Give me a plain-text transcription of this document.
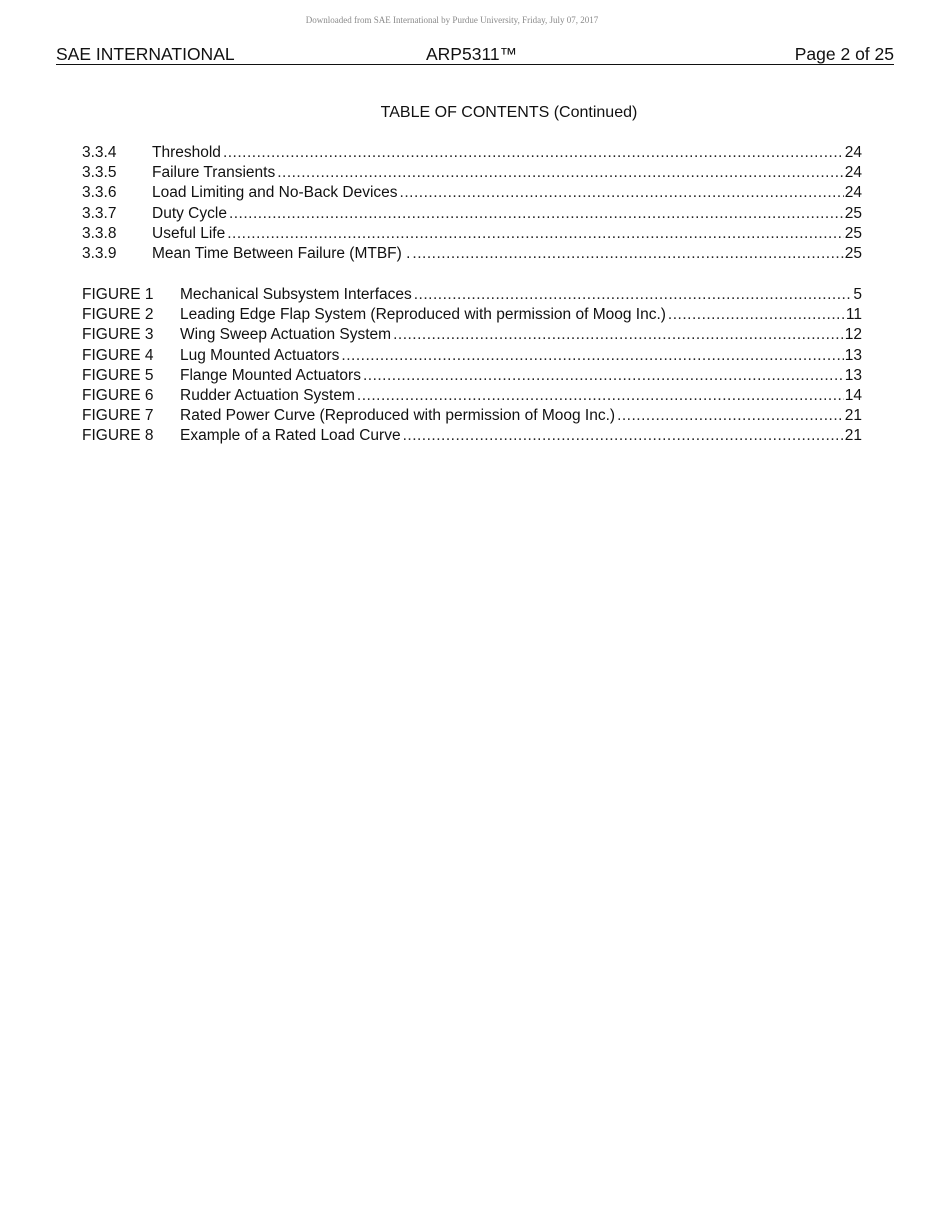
Downloaded from SAE International by Purdue University, Friday, July 07, 2017
SAE INTERNATIONAL	ARP5311™	Page 2 of 25
TABLE OF CONTENTS (Continued)
3.3.4	Threshold .....	24
3.3.5	Failure Transients .....	24
3.3.6	Load Limiting and No-Back Devices .....	24
3.3.7	Duty Cycle .....	25
3.3.8	Useful Life .....	25
3.3.9	Mean Time Between Failure (MTBF) . .....	25
FIGURE 1	Mechanical Subsystem Interfaces .....	5
FIGURE 2	Leading Edge Flap System (Reproduced with permission of Moog Inc.) .....	11
FIGURE 3	Wing Sweep Actuation System .....	12
FIGURE 4	Lug Mounted Actuators .....	13
FIGURE 5	Flange Mounted Actuators .....	13
FIGURE 6	Rudder Actuation System .....	14
FIGURE 7	Rated Power Curve (Reproduced with permission of Moog Inc.) .....	21
FIGURE 8	Example of a Rated Load Curve .....	21
